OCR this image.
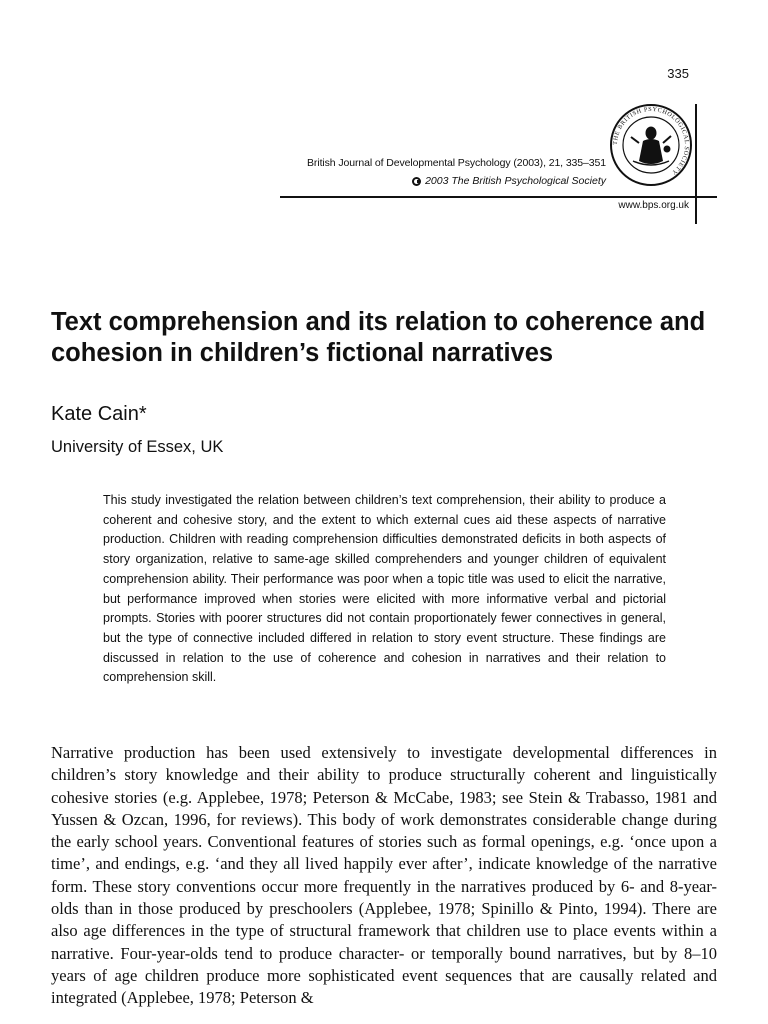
335
THE BRITISH PSYCHOLOGICAL SOCIETY
British Journal of Developmental Psychology (2003), 21, 335–351
2003 The British Psychological Society
www.bps.org.uk
Text comprehension and its relation to coherence and cohesion in children’s fictional narratives

Kate Cain*

University of Essex, UK

This study investigated the relation between children’s text comprehension, their ability to produce a coherent and cohesive story, and the extent to which external cues aid these aspects of narrative production. Children with reading comprehension difficulties demonstrated deficits in both aspects of story organization, relative to same-age skilled comprehenders and younger children of equivalent comprehension ability. Their performance was poor when a topic title was used to elicit the narrative, but performance improved when stories were elicited with more informative verbal and pictorial prompts. Stories with poorer structures did not contain proportionately fewer connectives in general, but the type of connective included differed in relation to story event structure. These findings are discussed in relation to the use of coherence and cohesion in narratives and their relation to comprehension skill.

Narrative production has been used extensively to investigate developmental differences in children’s story knowledge and their ability to produce structurally coherent and linguistically cohesive stories (e.g. Applebee, 1978; Peterson & McCabe, 1983; see Stein & Trabasso, 1981 and Yussen & Ozcan, 1996, for reviews). This body of work demonstrates considerable change during the early school years. Conventional features of stories such as formal openings, e.g. ‘once upon a time’, and endings, e.g. ‘and they all lived happily ever after’, indicate knowledge of the narrative form. These story conventions occur more frequently in the narratives produced by 6- and 8-year-olds than in those produced by preschoolers (Applebee, 1978; Spinillo & Pinto, 1994). There are also age differences in the type of structural framework that children use to place events within a narrative. Four-year-olds tend to produce character- or temporally bound narratives, but by 8–10 years of age children produce more sophisticated event sequences that are causally related and integrated (Applebee, 1978; Peterson &
